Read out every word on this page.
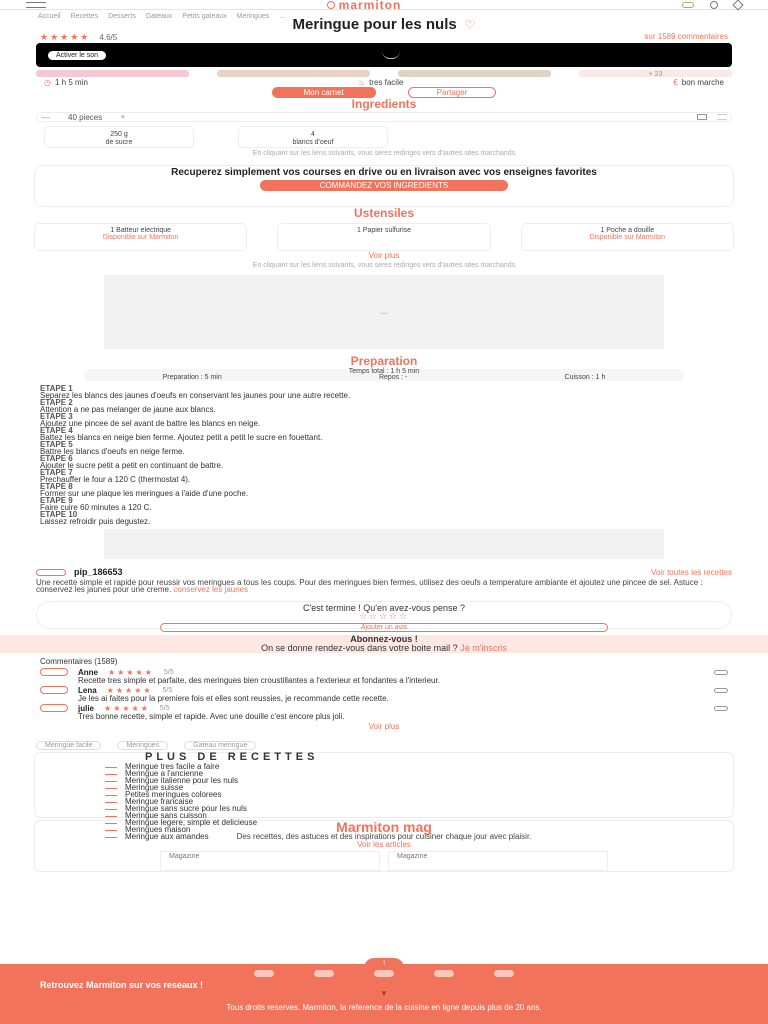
marmiton
Accueil Recettes Desserts Gateaux Petits gateaux Meringues ... Meringue pour les nuls ♡
★★★★★ 4.6/5	sur 1589 commentaires
Activer le son
+ 23
◷ 1 h 5 min	♨ tres facile	€ bon marche
Mon carnet	Partager
Ingredients
— 40 pieces +
250 g
de sucre
4
blancs d'oeuf
En cliquant sur les liens suivants, vous serez rediriges vers d'autres sites marchands
Recuperez simplement vos courses en drive ou en livraison avec vos enseignes favorites
COMMANDEZ VOS INGREDIENTS
Ustensiles
1 Batteur electrique
Disponible sur Marmiton
1 Papier sulfurise	1 Poche a douille
Disponible sur Marmiton
Voir plus
En cliquant sur les liens suivants, vous serez rediriges vers d'autres sites marchands
Preparation
Temps total : 1 h 5 min
Preparation : 5 min	Repos : -	Cuisson : 1 h
ETAPE 1
Separez les blancs des jaunes d'oeufs en conservant les jaunes pour une autre recette.
ETAPE 2
Attention a ne pas melanger de jaune aux blancs.
ETAPE 3
Ajoutez une pincee de sel avant de battre les blancs en neige.
ETAPE 4
Battez les blancs en neige bien ferme. Ajoutez petit a petit le sucre en fouettant.
ETAPE 5
Battre les blancs d'oeufs en neige ferme.
ETAPE 6
Ajouter le sucre petit a petit en continuant de battre.
ETAPE 7
Prechauffer le four a 120 C (thermostat 4).
ETAPE 8
Former sur une plaque les meringues a l'aide d'une poche.
ETAPE 9
Faire cuire 60 minutes a 120 C.
ETAPE 10
Laissez refroidir puis degustez.
pip_186653	Voir toutes les recettes
Une recette simple et rapide pour reussir vos meringues a tous les coups. Pour des meringues bien fermes, utilisez des oeufs a temperature ambiante et ajoutez une pincee de sel. Astuce : conservez les jaunes pour une creme. conservez les jaunes
C'est termine ! Qu'en avez-vous pense ?
☆☆☆☆☆
Ajouter un avis
Abonnez-vous !
On se donne rendez-vous dans votre boite mail ? Je m'inscris
Commentaires (1589)
Anne ★★★★★ 5/5
Recette tres simple et parfaite, des meringues bien croustillantes a l'exterieur et fondantes a l'interieur.
Lena ★★★★★ 5/5
Je les ai faites pour la premiere fois et elles sont reussies, je recommande cette recette.
julie ★★★★★ 5/5
Tres bonne recette, simple et rapide. Avec une douille c'est encore plus joli.
Voir plus
Meringue facile	Meringues	Gateau meringue
PLUS DE RECETTES
Meringue tres facile a faire
Meringue a l'ancienne
Meringue italienne pour les nuls
Meringue suisse
Petites meringues colorees
Meringue francaise
Meringue sans sucre pour les nuls
Meringue sans cuisson
Meringue legere, simple et delicieuse
Meringues maison
Meringue aux amandes
Marmiton mag
Des recettes, des astuces et des inspirations pour cuisiner chaque jour avec plaisir.
Voir les articles
Magazine	Magazine
↑
Retrouvez Marmiton sur vos reseaux !
▼
Tous droits reserves. Marmiton, la reference de la cuisine en ligne depuis plus de 20 ans.
